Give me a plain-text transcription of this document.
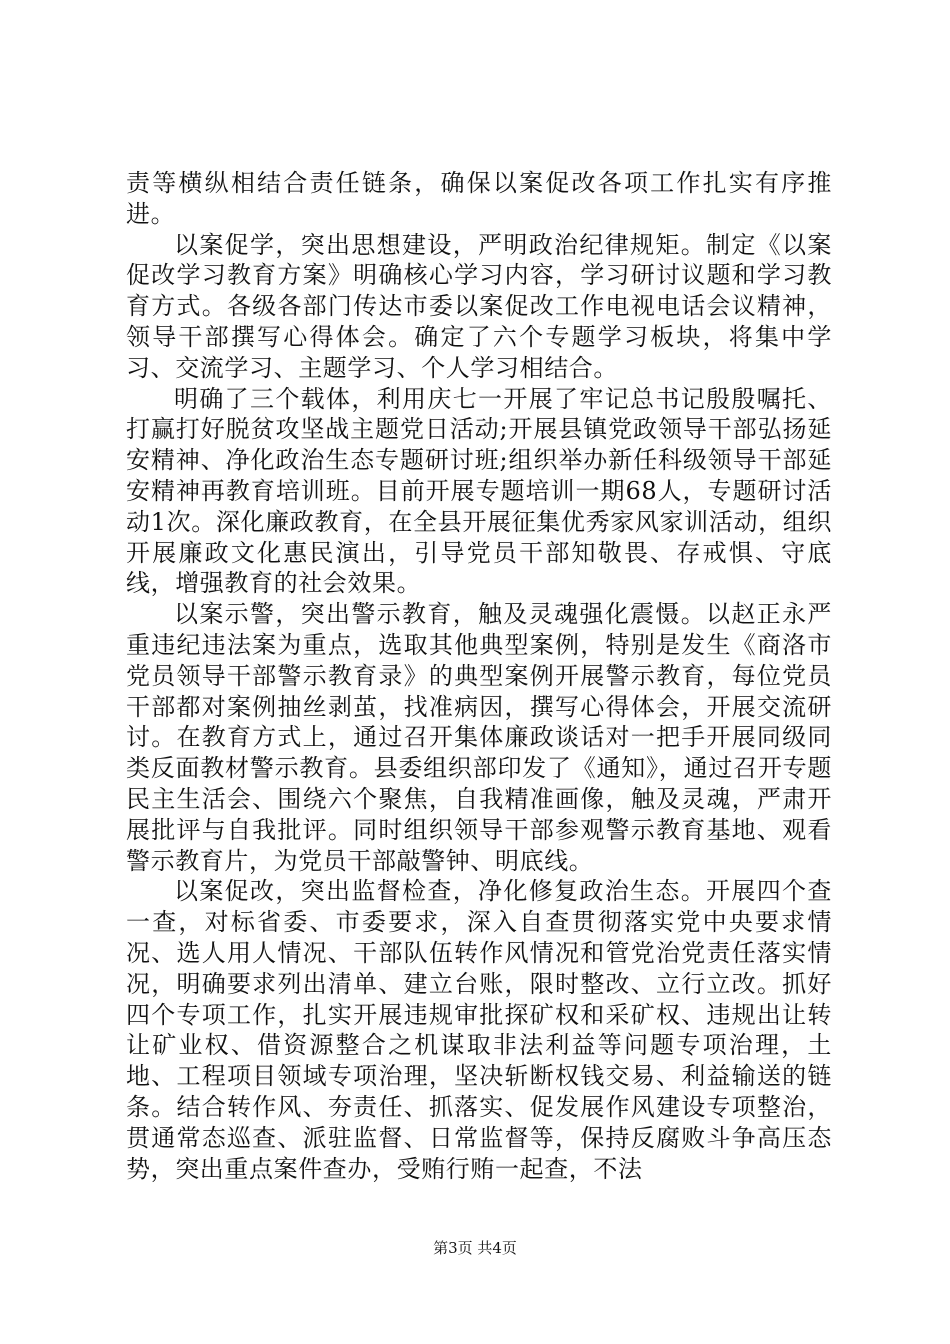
责等横纵相结合责任链条，确保以案促改各项工作扎实有序推进。

以案促学，突出思想建设，严明政治纪律规矩。制定《以案促改学习教育方案》明确核心学习内容，学习研讨议题和学习教育方式。各级各部门传达市委以案促改工作电视电话会议精神，领导干部撰写心得体会。确定了六个专题学习板块，将集中学习、交流学习、主题学习、个人学习相结合。

明确了三个载体，利用庆七一开展了牢记总书记殷殷嘱托、打赢打好脱贫攻坚战主题党日活动;开展县镇党政领导干部弘扬延安精神、净化政治生态专题研讨班;组织举办新任科级领导干部延安精神再教育培训班。目前开展专题培训一期68人，专题研讨活动1次。深化廉政教育，在全县开展征集优秀家风家训活动，组织开展廉政文化惠民演出，引导党员干部知敬畏、存戒惧、守底线，增强教育的社会效果。

以案示警，突出警示教育，触及灵魂强化震慑。以赵正永严重违纪违法案为重点，选取其他典型案例，特别是发生《商洛市党员领导干部警示教育录》的典型案例开展警示教育，每位党员干部都对案例抽丝剥茧，找准病因，撰写心得体会，开展交流研讨。在教育方式上，通过召开集体廉政谈话对一把手开展同级同类反面教材警示教育。县委组织部印发了《通知》，通过召开专题民主生活会、围绕六个聚焦，自我精准画像，触及灵魂，严肃开展批评与自我批评。同时组织领导干部参观警示教育基地、观看警示教育片，为党员干部敲警钟、明底线。

以案促改，突出监督检查，净化修复政治生态。开展四个查一查，对标省委、市委要求，深入自查贯彻落实党中央要求情况、选人用人情况、干部队伍转作风情况和管党治党责任落实情况，明确要求列出清单、建立台账，限时整改、立行立改。抓好四个专项工作，扎实开展违规审批探矿权和采矿权、违规出让转让矿业权、借资源整合之机谋取非法利益等问题专项治理，土地、工程项目领域专项治理，坚决斩断权钱交易、利益输送的链条。结合转作风、夯责任、抓落实、促发展作风建设专项整治，贯通常态巡查、派驻监督、日常监督等，保持反腐败斗争高压态势，突出重点案件查办，受贿行贿一起查，不法

第3页 共4页
